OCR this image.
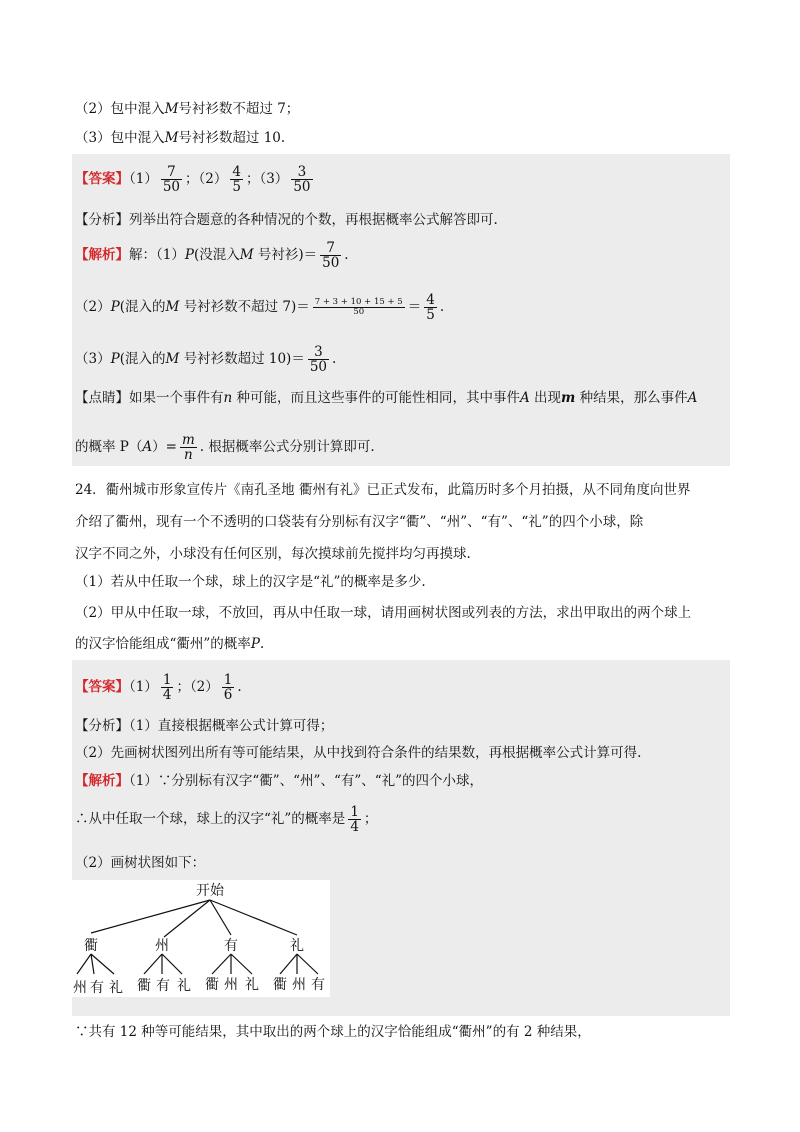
（2）包中混入M号衬衫数不超过 7；
（3）包中混入M号衬衫数超过 10.
【答案】$(1) \frac{7}{50}$ ；$(2) \frac{4}{5}$ ；$(3) \frac{3}{50}$
【分析】列举出符合题意的各种情况的个数，再根据概率公式解答即可.
【解析】解：（1）P(没混入M 号衬衫)＝ $\frac{7}{50}$ .
（2）P(混入的M 号衬衫数不超过 $7)= \frac{7 + 3 + 10 + 15 + 5}{50} = \frac{4}{5}$ .
（3）P(混入的M 号衬衫数超过 $10)= \frac{3}{50}$ .
【点睛】如果一个事件有n 种可能，而且这些事件的可能性相同，其中事件A 出现m 种结果，那么事件A
的概率 $P(A)= \frac{m}{n}$ . 根据概率公式分别计算即可.
24．衢州城市形象宣传片《南孔圣地 衢州有礼》已正式发布，此篇历时多个月拍摄，从不同角度向世界
介绍了衢州，现有一个不透明的口袋装有分别标有汉字“衢”、“州”、“有”、“礼”的四个小球，除
汉字不同之外，小球没有任何区别，每次摸球前先搅拌均匀再摸球.
（1）若从中任取一个球，球上的汉字是“礼”的概率是多少.
（2）甲从中任取一球，不放回，再从中任取一球，请用画树状图或列表的方法，求出甲取出的两个球上
的汉字恰能组成“衢州”的概率P.
【答案】$(1) \frac{1}{4}$ ；$(2) \frac{1}{6}$ .
【分析】（1）直接根据概率公式计算可得；
（2）先画树状图列出所有等可能结果，从中找到符合条件的结果数，再根据概率公式计算可得.
【解析】（1）∵分别标有汉字“衢”、“州”、“有”、“礼”的四个小球，
∴从中任取一个球，球上的汉字“礼”的概率是 $\frac{1}{4}$ ；
（2）画树状图如下：
开始
衢	州	有	礼
州 有 礼 衢 有 礼 衢 州 礼 衢 州 有
∵共有 12 种等可能结果，其中取出的两个球上的汉字恰能组成“衢州”的有 2 种结果，
